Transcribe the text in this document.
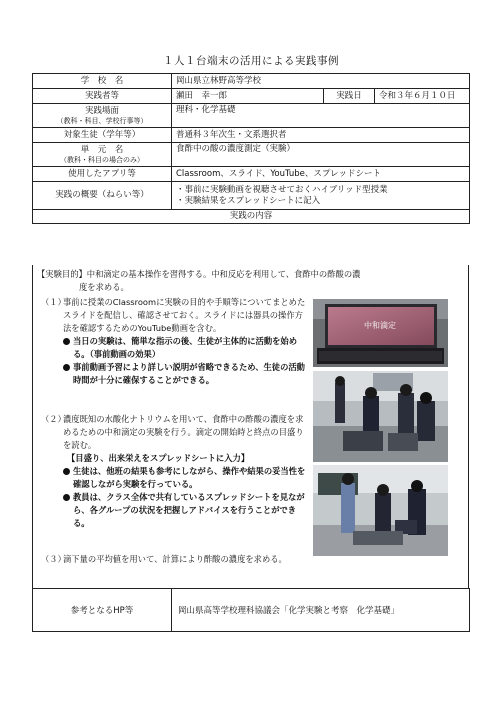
１人１台端末の活用による実践事例
学　校　名	岡山県立林野高等学校		
実践者等	瀬田　幸一郎	実践日	令和３年６月１０日
実践場面
（教科・科目、学校行事等）	理科・化学基礎		
対象生徒（学年等）	普通科３年次生・文系選択者		
単　元　名
（教科・科目の場合のみ）	食酢中の酸の濃度測定（実験）		
使用したアプリ等	Classroom、スライド、YouTube、スプレッドシート		
実践の概要（ねらい等）	・事前に実験動画を視聴させておくハイブリッド型授業
・実験結果をスプレッドシートに記入		

実践の内容			
【実験目的】中和滴定の基本操作を習得する。中和反応を利用して、食酢中の酢酸の濃
度を求める。
（１）
事前に授業のClassroomに実験の目的や手順等についてまとめたスライドを配信し、確認させておく。スライドには器具の操作方法を確認するためのYouTube動画を含む。
当日の実験は、簡単な指示の後、生徒が主体的に活動を始める。（事前動画の効果）
事前動画予習により詳しい説明が省略できるため、生徒の活動時間が十分に確保することができる。
（２）
濃度既知の水酸化ナトリウムを用いて、食酢中の酢酸の濃度を求めるための中和滴定の実験を行う。滴定の開始時と終点の目盛りを読む。
【目盛り、出来栄えをスプレッドシートに入力】
生徒は、他班の結果も参考にしながら、操作や結果の妥当性を確認しながら実験を行っている。
教員は、クラス全体で共有しているスプレッドシートを見ながら、各グループの状況を把握しアドバイスを行うことができる。
（３）
滴下量の平均値を用いて、計算により酢酸の濃度を求める。
中和滴定
参考となるHP等	岡山県高等学校理科協議会「化学実験と考察　化学基礎」
